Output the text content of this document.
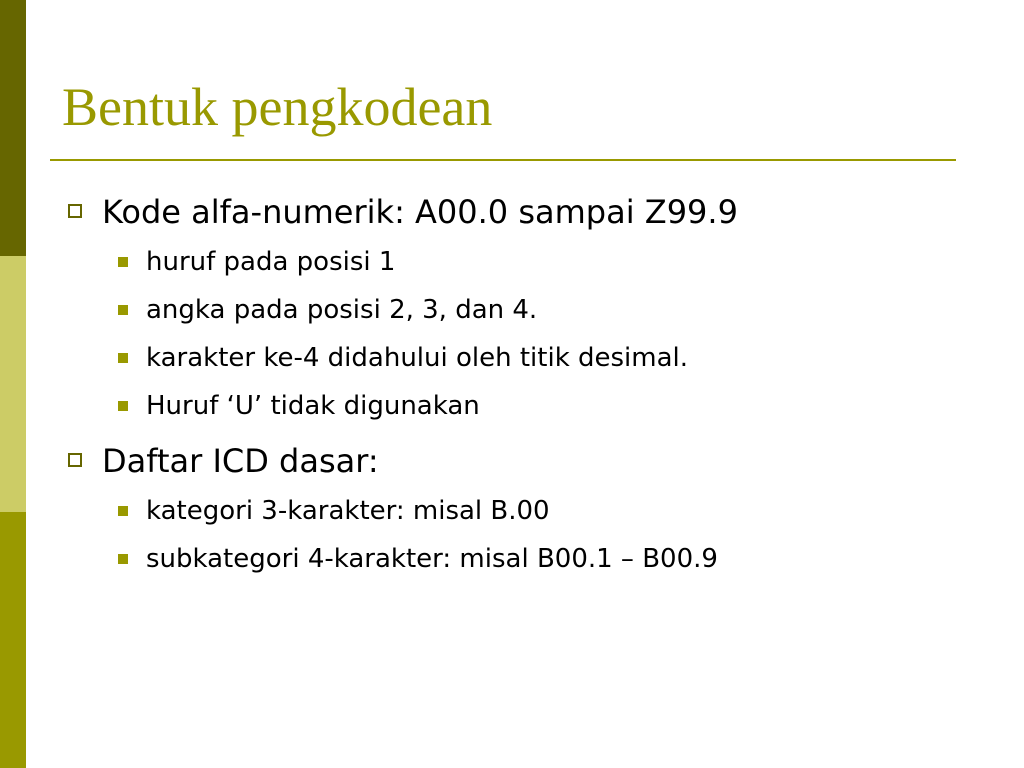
Bentuk pengkodean
Kode alfa-numerik: A00.0 sampai Z99.9
huruf pada posisi 1
angka pada posisi 2, 3, dan 4.
karakter ke-4 didahului oleh titik desimal.
Huruf ‘U’ tidak digunakan
Daftar ICD dasar:
kategori 3-karakter: misal B.00
subkategori 4-karakter: misal B00.1 – B00.9
